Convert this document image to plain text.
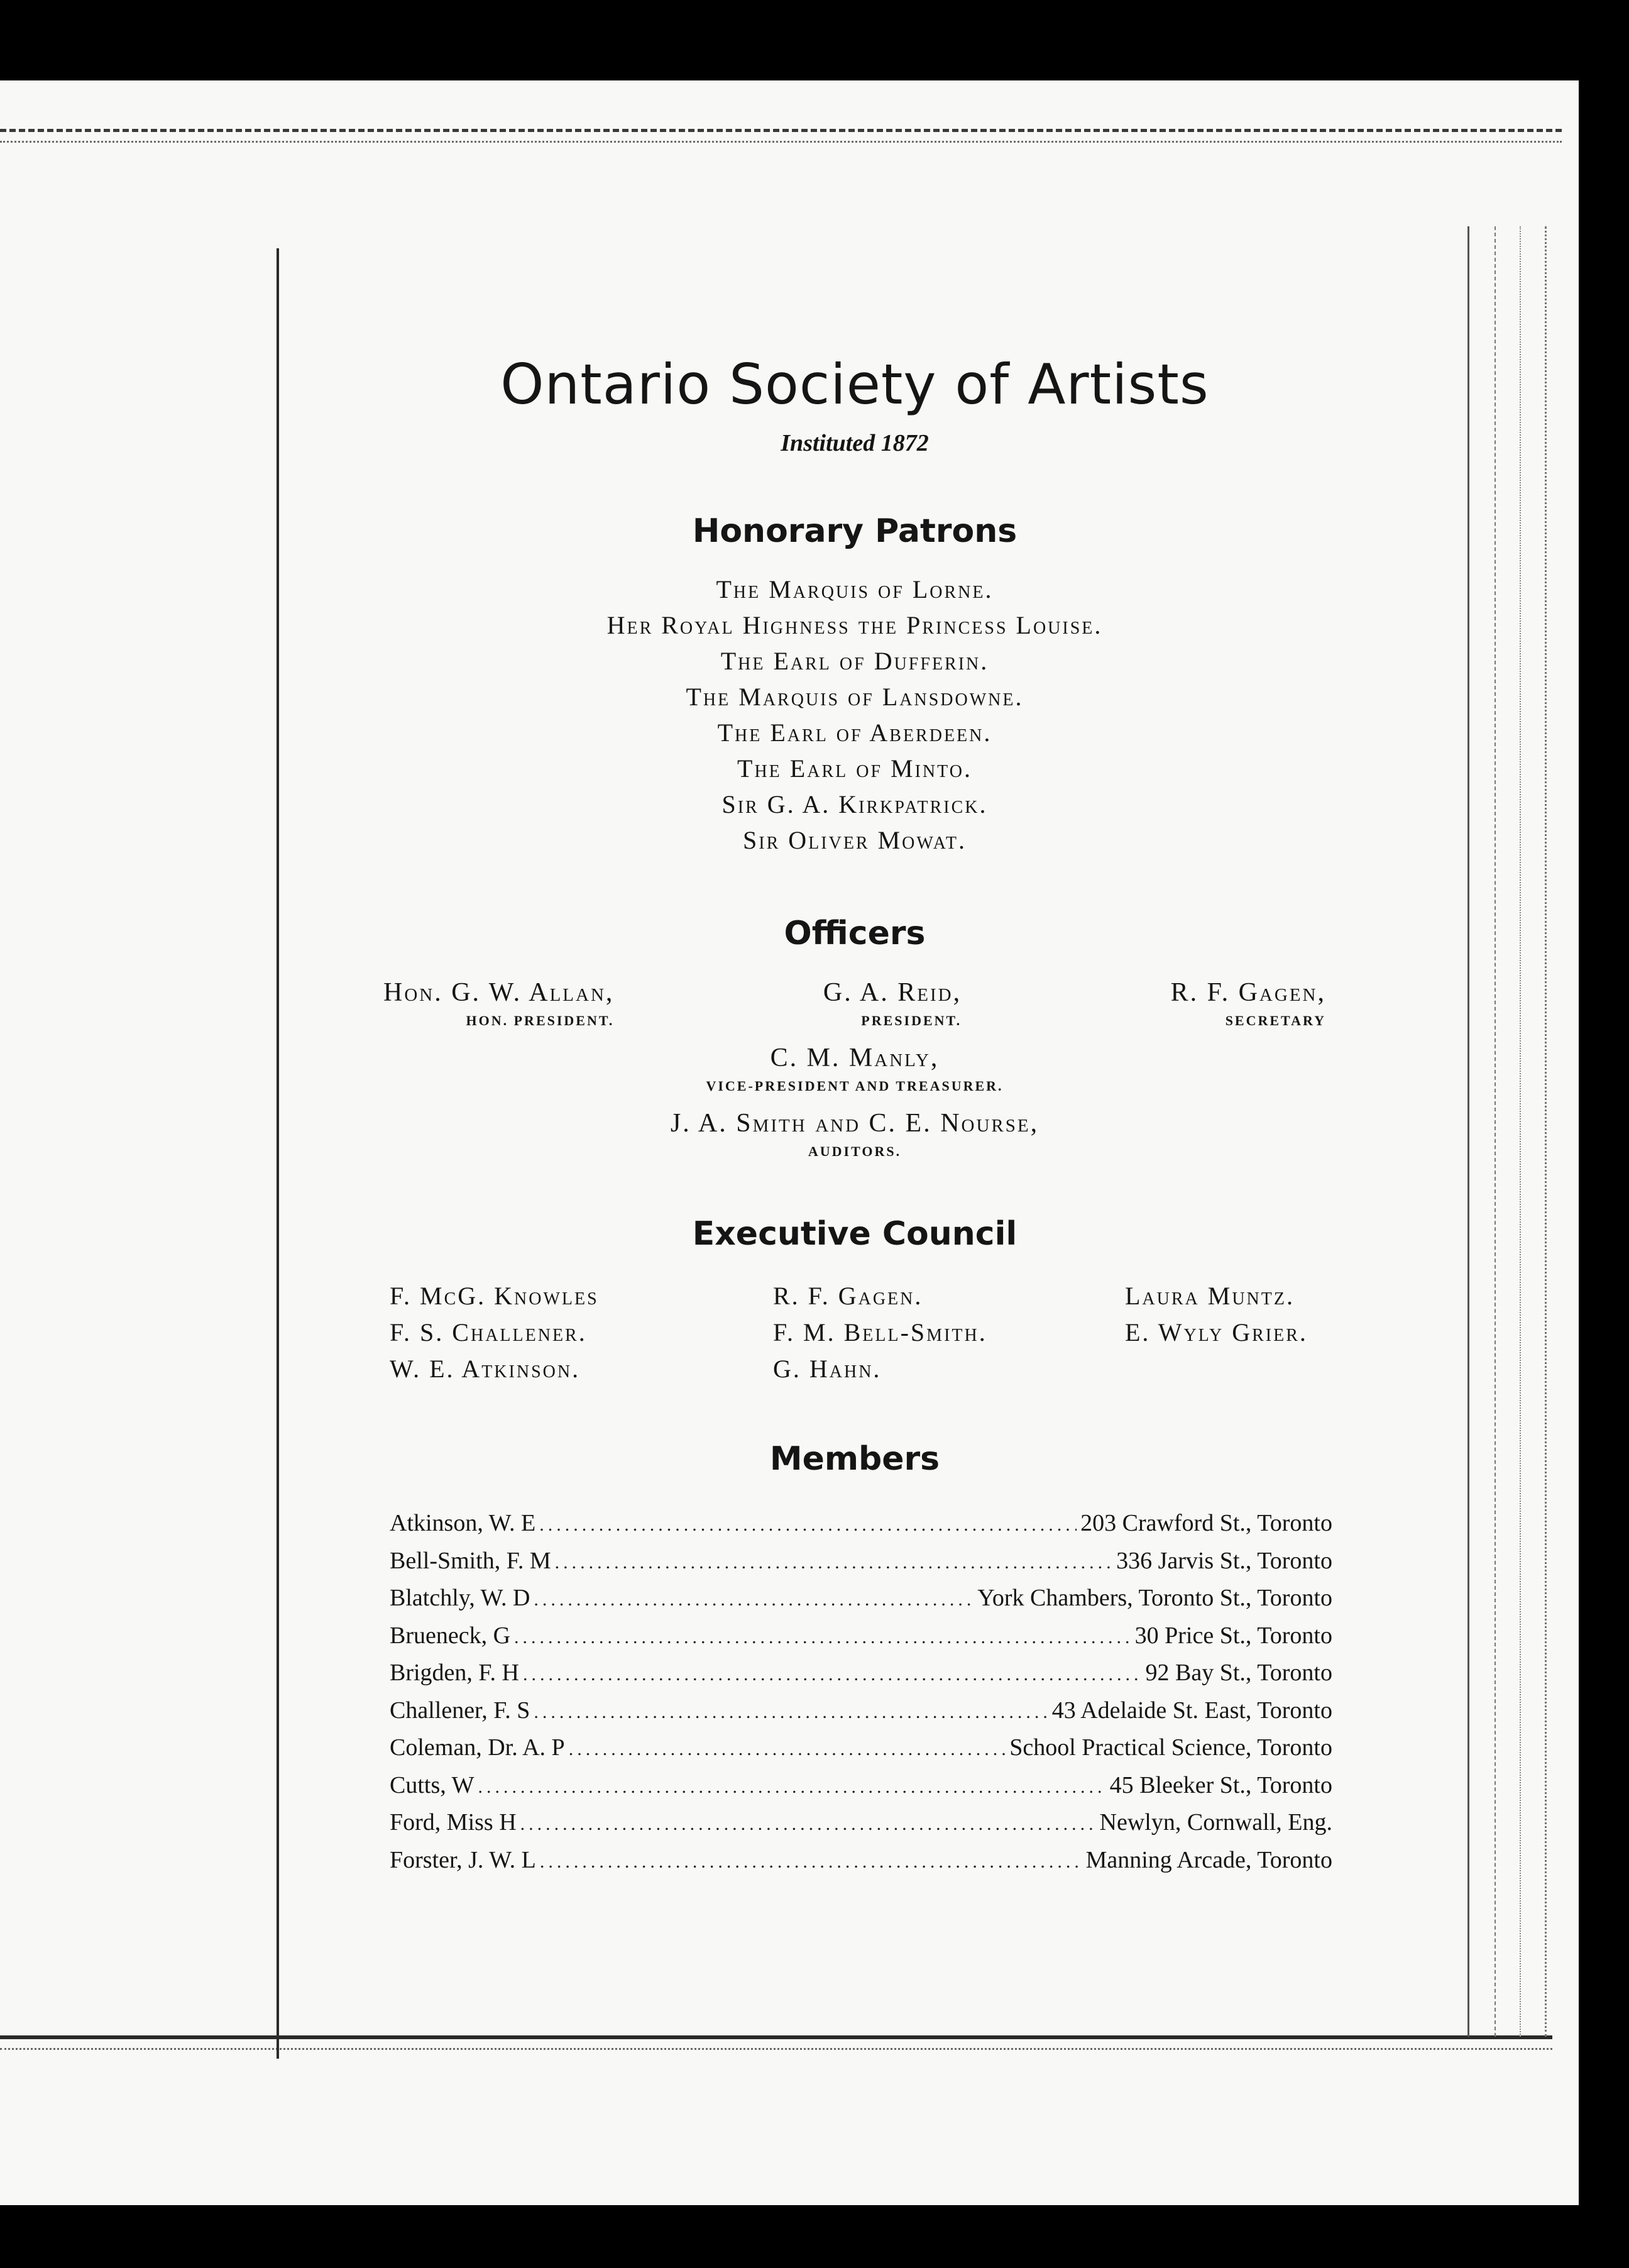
Ontario Society of Artists
Instituted 1872
Honorary Patrons
The Marquis of Lorne.
Her Royal Highness the Princess Louise.
The Earl of Dufferin.
The Marquis of Lansdowne.
The Earl of Aberdeen.
The Earl of Minto.
Sir G. A. Kirkpatrick.
Sir Oliver Mowat.
Officers
Hon. G. W. Allan,
HON. PRESIDENT.
G. A. Reid,
PRESIDENT.
R. F. Gagen,
SECRETARY
C. M. Manly,
VICE-PRESIDENT AND TREASURER.
J. A. Smith and C. E. Nourse,
AUDITORS.
Executive Council
F. McG. Knowles	R. F. Gagen.	Laura Muntz.
F. S. Challener.	F. M. Bell-Smith.	E. Wyly Grier.
W. E. Atkinson.	G. Hahn.
Members
Atkinson, W. E .....	203 Crawford St., Toronto
Bell-Smith, F. M .....	336 Jarvis St., Toronto
Blatchly, W. D .....	York Chambers, Toronto St., Toronto
Brueneck, G .....	30 Price St., Toronto
Brigden, F. H .....	92 Bay St., Toronto
Challener, F. S .....	43 Adelaide St. East, Toronto
Coleman, Dr. A. P .....	School Practical Science, Toronto
Cutts, W .....	45 Bleeker St., Toronto
Ford, Miss H .....	Newlyn, Cornwall, Eng.
Forster, J. W. L .....	Manning Arcade, Toronto
